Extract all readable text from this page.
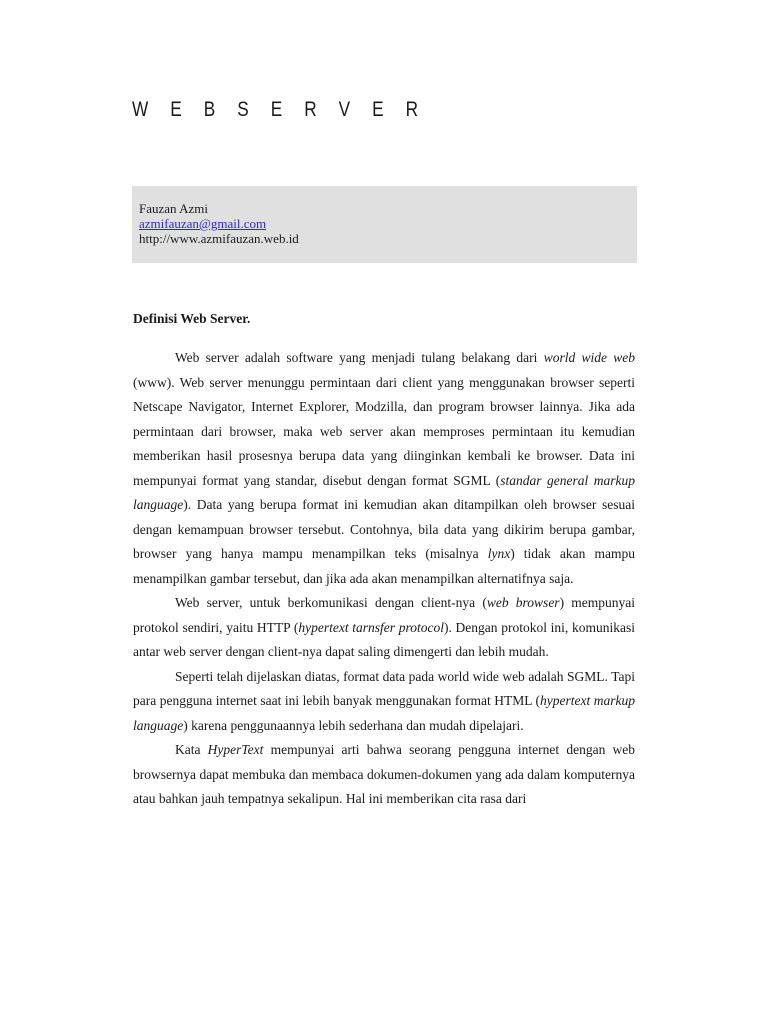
W E B S E R V E R
Fauzan Azmi
azmifauzan@gmail.com
http://www.azmifauzan.web.id
Definisi Web Server.

Web server adalah software yang menjadi tulang belakang dari world wide web (www). Web server menunggu permintaan dari client yang menggunakan browser seperti Netscape Navigator, Internet Explorer, Modzilla, dan program browser lainnya. Jika ada permintaan dari browser, maka web server akan memproses permintaan itu kemudian memberikan hasil prosesnya berupa data yang diinginkan kembali ke browser. Data ini mempunyai format yang standar, disebut dengan format SGML (standar general markup language). Data yang berupa format ini kemudian akan ditampilkan oleh browser sesuai dengan kemampuan browser tersebut. Contohnya, bila data yang dikirim berupa gambar, browser yang hanya mampu menampilkan teks (misalnya lynx) tidak akan mampu menampilkan gambar tersebut, dan jika ada akan menampilkan alternatifnya saja.

Web server, untuk berkomunikasi dengan client-nya (web browser) mempunyai protokol sendiri, yaitu HTTP (hypertext tarnsfer protocol). Dengan protokol ini, komunikasi antar web server dengan client-nya dapat saling dimengerti dan lebih mudah.

Seperti telah dijelaskan diatas, format data pada world wide web adalah SGML. Tapi para pengguna internet saat ini lebih banyak menggunakan format HTML (hypertext markup language) karena penggunaannya lebih sederhana dan mudah dipelajari.

Kata HyperText mempunyai arti bahwa seorang pengguna internet dengan web browsernya dapat membuka dan membaca dokumen-dokumen yang ada dalam komputernya atau bahkan jauh tempatnya sekalipun. Hal ini memberikan cita rasa dari
